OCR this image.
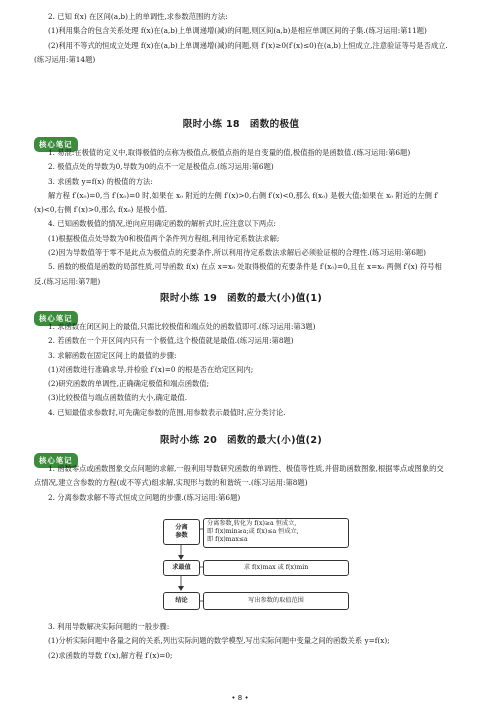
2. 已知 f(x) 在区间(a,b)上的单调性,求参数范围的方法:

(1)利用集合的包含关系处理 f(x)在(a,b)上单调递增(减)的问题,则区间(a,b)是相应单调区间的子集.(练习运用:第11题)

(2)利用不等式的恒成立处理 f(x)在(a,b)上单调递增(减)的问题,则 f′(x)≥0(f′(x)≤0)在(a,b)上恒成立,注意验证等号是否成立.(练习运用:第14题)

限时小练 18　函数的极值

核心笔记

1. 易混:在极值的定义中,取得极值的点称为极值点,极值点指的是自变量的值,极值指的是函数值.(练习运用:第6题)

2. 极值点处的导数为0,导数为0的点不一定是极值点.(练习运用:第6题)

3. 求函数 y=f(x) 的极值的方法:

解方程 f′(x₀)=0,当 f′(x₀)=0 时,如果在 x₀ 附近的左侧 f′(x)>0,右侧 f′(x)<0,那么 f(x₀) 是极大值;如果在 x₀ 附近的左侧 f′(x)<0,右侧 f′(x)>0,那么 f(x₀) 是极小值.

4. 已知函数极值的情况,逆向应用确定函数的解析式时,应注意以下两点:

(1)根据极值点处导数为0和极值两个条件列方程组,利用待定系数法求解;

(2)因为导数值等于零不是此点为极值点的充要条件,所以利用待定系数法求解后必须验证根的合理性.(练习运用:第6题)

5. 函数的极值是函数的局部性质,可导函数 f(x) 在点 x=x₀ 处取得极值的充要条件是 f′(x₀)=0,且在 x=x₀ 两侧 f′(x) 符号相反.(练习运用:第7题)

限时小练 19　函数的最大(小)值(1)

核心笔记

1. 求函数在闭区间上的最值,只需比较极值和端点处的函数值即可.(练习运用:第3题)

2. 若函数在一个开区间内只有一个极值,这个极值就是最值.(练习运用:第8题)

3. 求解函数在固定区间上的最值的步骤:

(1)对函数进行准确求导,并检验 f′(x)=0 的根是否在给定区间内;

(2)研究函数的单调性,正确确定极值和端点函数值;

(3)比较极值与端点函数值的大小,确定最值.

4. 已知最值求参数时,可先确定参数的范围,用参数表示最值时,应分类讨论.

限时小练 20　函数的最大(小)值(2)

核心笔记

1. 函数零点或函数图象交点问题的求解,一般利用导数研究函数的单调性、极值等性质,并借助函数图象,根据零点或图象的交点情况,建立含参数的方程(或不等式)组求解,实现形与数的和谐统一.(练习运用:第8题)

2. 分离参数求解不等式恒成立问题的步骤.(练习运用:第6题)

分离
参数
分离参数,转化为 f(x)≥a 恒成立,
即 f(x)min≥a;或 f(x)≤a 恒成立,
即 f(x)max≤a
求最值	求 f(x)max 或 f(x)min
结论	写出参数的取值范围

3. 利用导数解决实际问题的一般步骤:

(1)分析实际问题中各量之间的关系,列出实际问题的数学模型,写出实际问题中变量之间的函数关系 y=f(x);

(2)求函数的导数 f′(x),解方程 f′(x)=0;

• 8 •
